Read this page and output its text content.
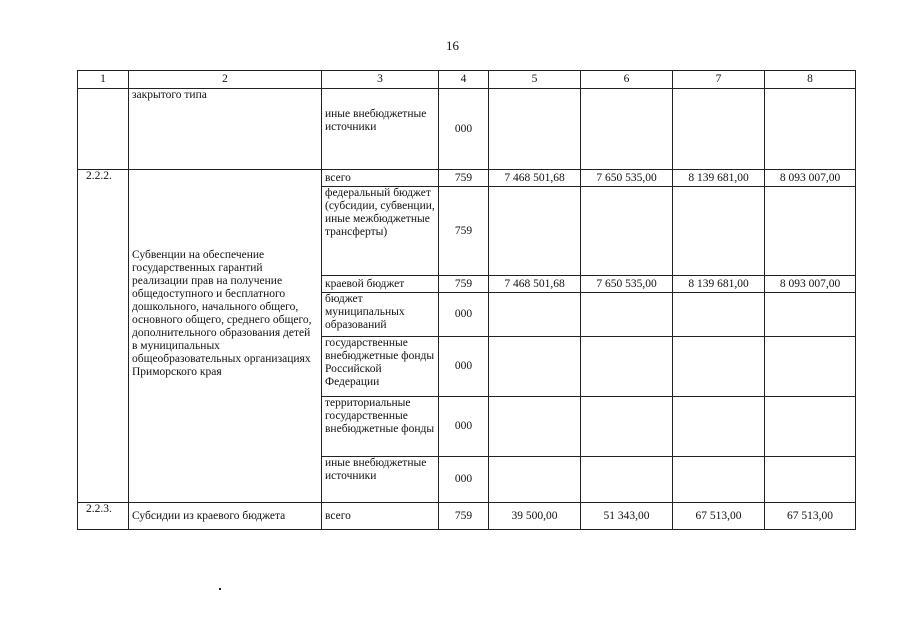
16
1	2	3	4	5	6	7	8
	закрытого типа	иные внебюджетные источники	000				
2.2.2.	Субвенции на обеспечение государственных гарантий реализации прав на получение общедоступного и бесплатного дошкольного, начального общего, основного общего, среднего общего, дополнительного образования детей в муниципальных общеобразовательных организациях Приморского края	всего	759	7 468 501,68	7 650 535,00	8 139 681,00	8 093 007,00
		федеральный бюджет (субсидии, субвенции, иные межбюджетные трансферты)	759				
		краевой бюджет	759	7 468 501,68	7 650 535,00	8 139 681,00	8 093 007,00
		бюджет муниципальных образований	000				
		государственные внебюджетные фонды Российской Федерации	000				
		территориальные государственные внебюджетные фонды	000				
		иные внебюджетные источники	000				
2.2.3.	Субсидии из краевого бюджета	всего	759	39 500,00	51 343,00	67 513,00	67 513,00
